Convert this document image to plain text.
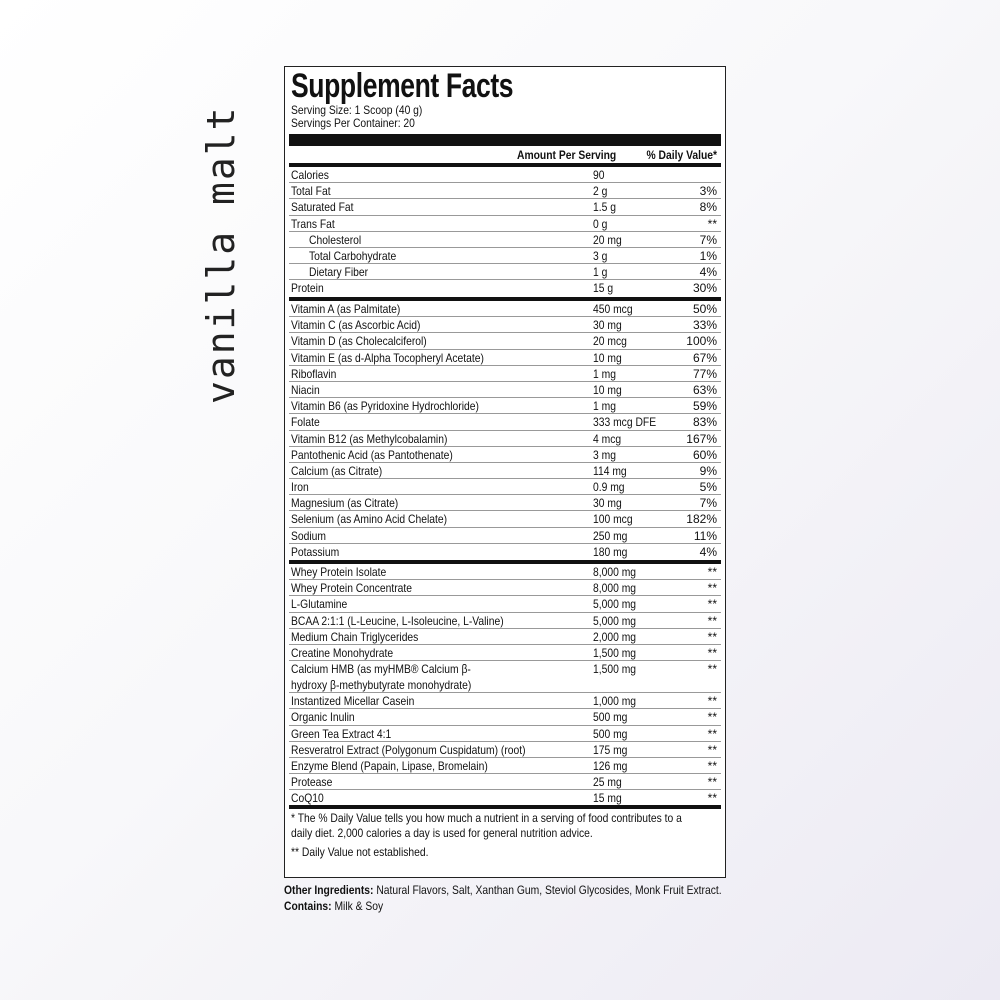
vanilla malt
Supplement Facts
Serving Size: 1 Scoop (40 g)
Servings Per Container: 20
Amount Per Serving	% Daily Value*
Calories	90
Total Fat	2 g	3%
Saturated Fat	1.5 g	8%
Trans Fat	0 g	**
Cholesterol	20 mg	7%
Total Carbohydrate	3 g	1%
Dietary Fiber	1 g	4%
Protein	15 g	30%
Vitamin A (as Palmitate)	450 mcg	50%
Vitamin C (as Ascorbic Acid)	30 mg	33%
Vitamin D (as Cholecalciferol)	20 mcg	100%
Vitamin E (as d-Alpha Tocopheryl Acetate)	10 mg	67%
Riboflavin	1 mg	77%
Niacin	10 mg	63%
Vitamin B6 (as Pyridoxine Hydrochloride)	1 mg	59%
Folate	333 mcg DFE	83%
Vitamin B12 (as Methylcobalamin)	4 mcg	167%
Pantothenic Acid (as Pantothenate)	3 mg	60%
Calcium (as Citrate)	114 mg	9%
Iron	0.9 mg	5%
Magnesium (as Citrate)	30 mg	7%
Selenium (as Amino Acid Chelate)	100 mcg	182%
Sodium	250 mg	11%
Potassium	180 mg	4%
Whey Protein Isolate	8,000 mg	**
Whey Protein Concentrate	8,000 mg	**
L-Glutamine	5,000 mg	**
BCAA 2:1:1 (L-Leucine, L-Isoleucine, L-Valine)	5,000 mg	**
Medium Chain Triglycerides	2,000 mg	**
Creatine Monohydrate	1,500 mg	**
Calcium HMB (as myHMB® Calcium β-hydroxy β-methybutyrate monohydrate)
1,500 mg	**
Instantized Micellar Casein	1,000 mg	**
Organic Inulin	500 mg	**
Green Tea Extract 4:1	500 mg	**
Resveratrol Extract (Polygonum Cuspidatum) (root)	175 mg	**
Enzyme Blend (Papain, Lipase, Bromelain)	126 mg	**
Protease	25 mg	**
CoQ10	15 mg	**
* The % Daily Value tells you how much a nutrient in a serving of food contributes to a daily diet. 2,000 calories a day is used for general nutrition advice. ** Daily Value not established.
Other Ingredients: Natural Flavors, Salt, Xanthan Gum, Steviol Glycosides, Monk Fruit Extract.
Contains: Milk & Soy
